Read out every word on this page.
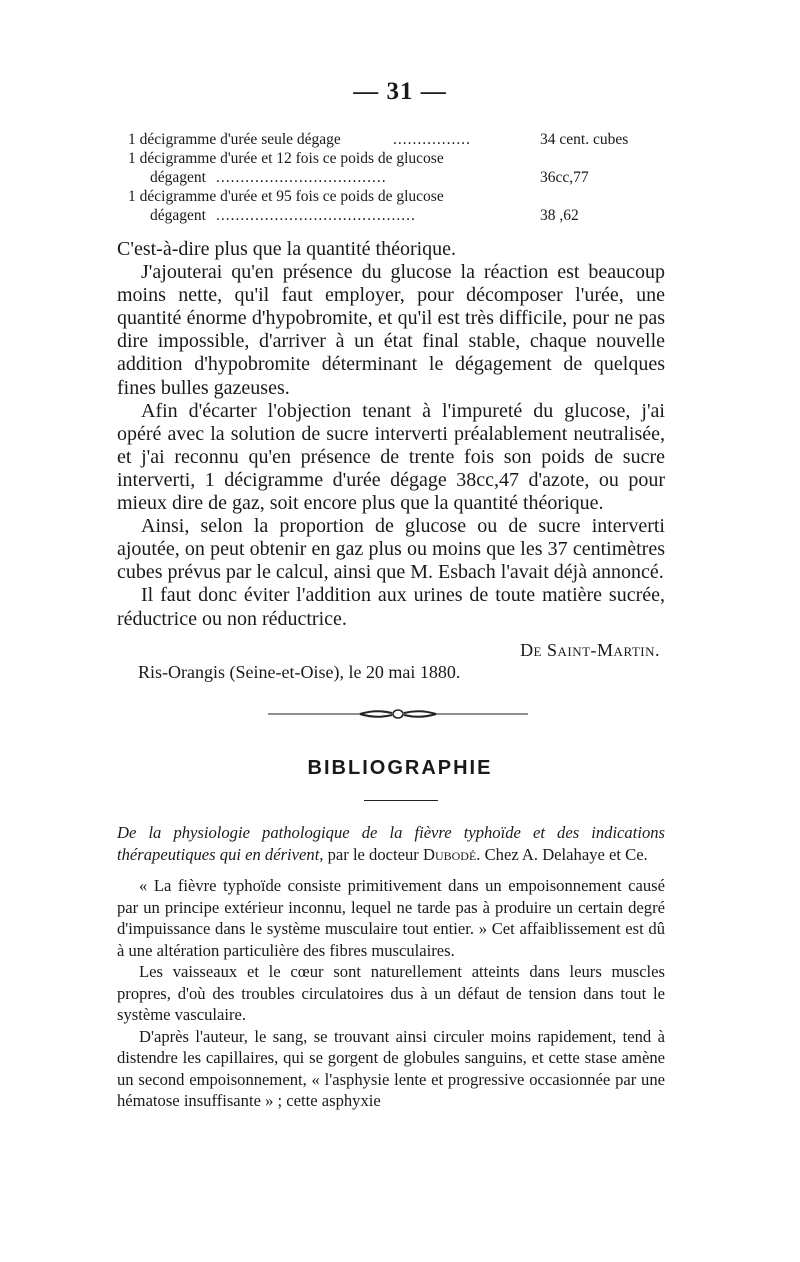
— 31 —
1 décigramme d'urée seule dégage	................	34 cent. cubes
1 décigramme d'urée et 12 fois ce poids de glucose
dégagent ...................................	36cc,77
1 décigramme d'urée et 95 fois ce poids de glucose
dégagent .........................................	38 ,62

C'est-à-dire plus que la quantité théorique.

J'ajouterai qu'en présence du glucose la réaction est beaucoup moins nette, qu'il faut employer, pour décomposer l'urée, une quantité énorme d'hypobromite, et qu'il est très difficile, pour ne pas dire impossible, d'arriver à un état final stable, chaque nouvelle addition d'hypobromite déterminant le dégagement de quelques fines bulles gazeuses.

Afin d'écarter l'objection tenant à l'impureté du glucose, j'ai opéré avec la solution de sucre interverti préalablement neutralisée, et j'ai reconnu qu'en présence de trente fois son poids de sucre interverti, 1 décigramme d'urée dégage 38cc,47 d'azote, ou pour mieux dire de gaz, soit encore plus que la quantité théorique.

Ainsi, selon la proportion de glucose ou de sucre interverti ajoutée, on peut obtenir en gaz plus ou moins que les 37 centimètres cubes prévus par le calcul, ainsi que M. Esbach l'avait déjà annoncé.

Il faut donc éviter l'addition aux urines de toute matière sucrée, réductrice ou non réductrice.

De Saint-Martin.
Ris-Orangis (Seine-et-Oise), le 20 mai 1880.
BIBLIOGRAPHIE

De la physiologie pathologique de la fièvre typhoïde et des indications thérapeutiques qui en dérivent, par le docteur Dubodé. Chez A. Delahaye et Ce.

« La fièvre typhoïde consiste primitivement dans un empoisonnement causé par un principe extérieur inconnu, lequel ne tarde pas à produire un certain degré d'impuissance dans le système musculaire tout entier. » Cet affaiblissement est dû à une altération particulière des fibres musculaires.

Les vaisseaux et le cœur sont naturellement atteints dans leurs muscles propres, d'où des troubles circulatoires dus à un défaut de tension dans tout le système vasculaire.

D'après l'auteur, le sang, se trouvant ainsi circuler moins rapidement, tend à distendre les capillaires, qui se gorgent de globules sanguins, et cette stase amène un second empoisonnement, « l'asphysie lente et progressive occasionnée par une hématose insuffisante » ; cette asphyxie
